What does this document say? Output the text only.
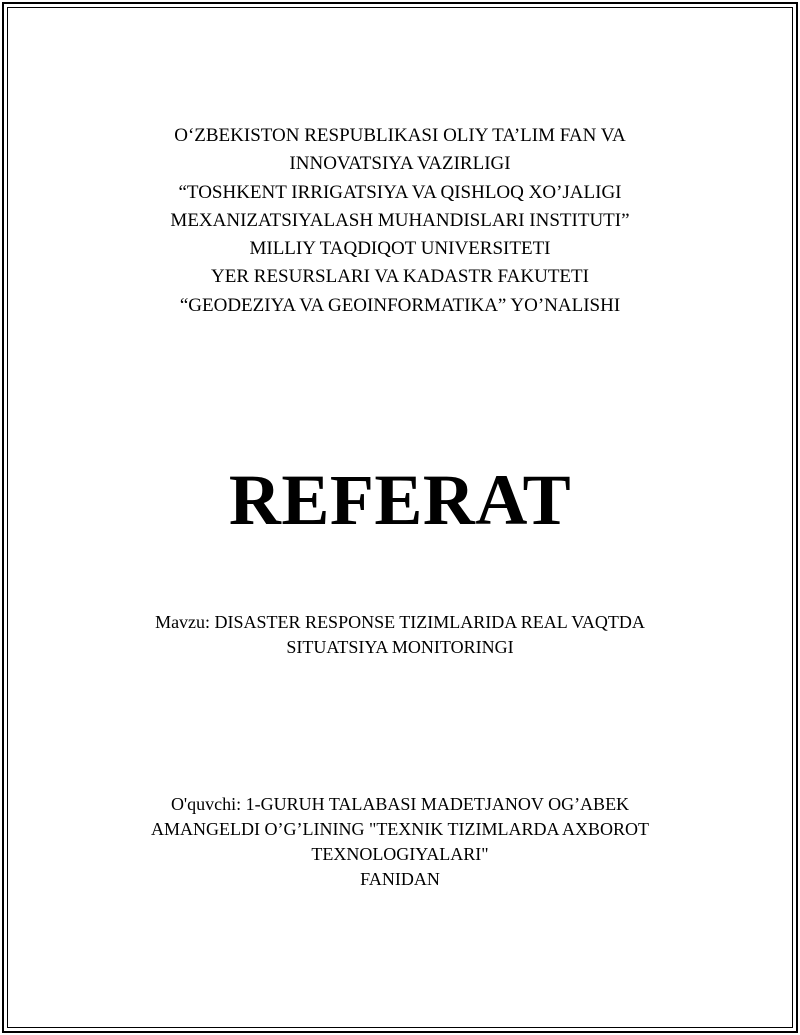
O‘ZBEKISTON RESPUBLIKASI OLIY TA’LIM FAN VA
INNOVATSIYA VAZIRLIGI
“TOSHKENT IRRIGATSIYA VA QISHLOQ XO’JALIGI
MEXANIZATSIYALASH MUHANDISLARI INSTITUTI”
MILLIY TAQDIQOT UNIVERSITETI
YER RESURSLARI VA KADASTR FAKUTETI
“GEODEZIYA VA GEOINFORMATIKA” YO’NALISHI
REFERAT
Mavzu: DISASTER RESPONSE TIZIMLARIDA REAL VAQTDA
SITUATSIYA MONITORINGI
O'quvchi: 1-GURUH TALABASI MADETJANOV OG’ABEK
AMANGELDI O’G’LINING "TEXNIK TIZIMLARDA AXBOROT
TEXNOLOGIYALARI"
FANIDAN
